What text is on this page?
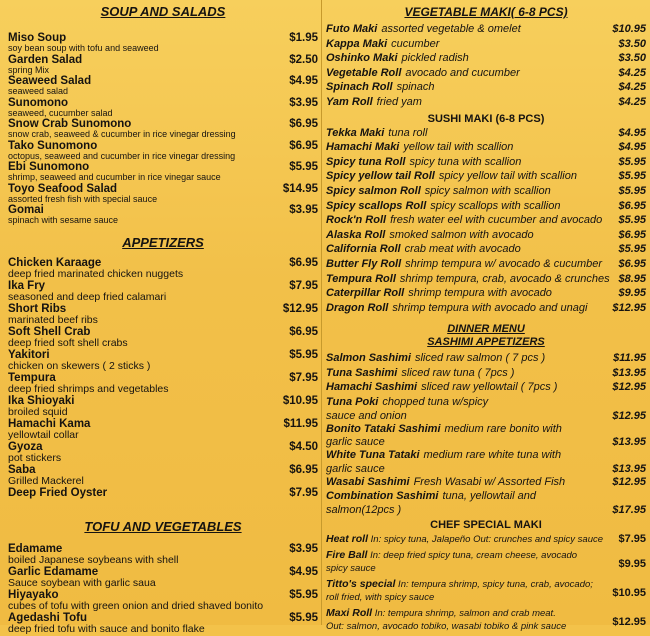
SOUP AND SALADS
Miso Soup
soy bean soup with tofu and seaweed
$1.95
Garden Salad
spring Mix
$2.50
Seaweed Salad
seaweed salad
$4.95
Sunomono
seaweed, cucumber salad
$3.95
Snow Crab Sunomono
snow crab, seaweed & cucumber in rice vinegar dressing
$6.95
Tako Sunomono
octopus, seaweed and cucumber in rice vinegar dressing
$6.95
Ebi Sunomono
shrimp, seaweed and cucumber in rice vinegar sauce
$5.95
Toyo Seafood Salad
assorted fresh fish with special sauce
$14.95
Gomai
spinach with sesame sauce
$3.95
APPETIZERS
Chicken Karaage
deep fried marinated chicken nuggets
$6.95
Ika Fry
seasoned and deep fried calamari
$7.95
Short Ribs
marinated beef ribs
$12.95
Soft Shell Crab
deep fried soft shell crabs
$6.95
Yakitori
chicken on skewers ( 2 sticks )
$5.95
Tempura
deep fried shrimps and vegetables
$7.95
Ika Shioyaki
broiled squid
$10.95
Hamachi Kama
yellowtail collar
$11.95
Gyoza
pot stickers
$4.50
Saba
Grilled Mackerel
$6.95
Deep Fried Oyster	$7.95
TOFU AND VEGETABLES
Edamame
boiled Japanese soybeans with shell
$3.95
Garlic Edamame
Sauce soybean with garlic saua
$4.95
Hiyayako
cubes of tofu with green onion and dried shaved bonito
$5.95
Agedashi Tofu
deep fried tofu with sauce and bonito flake
$5.95
VEGETABLE MAKI( 6-8 PCS)
Futo Maki assorted vegetable & omelet	$10.95
Kappa Maki cucumber	$3.50
Oshinko Maki pickled radish	$3.50
Vegetable Roll avocado and cucumber	$4.25
Spinach Roll spinach	$4.25
Yam Roll fried yam	$4.25
SUSHI MAKI (6-8 PCS)
Tekka Maki tuna roll	$4.95
Hamachi Maki yellow tail with scallion	$4.95
Spicy tuna Roll spicy tuna with scallion	$5.95
Spicy yellow tail Roll spicy yellow tail with scallion	$5.95
Spicy salmon Roll spicy salmon with scallion	$5.95
Spicy scallops Roll spicy scallops with scallion	$6.95
Rock'n Roll fresh water eel with cucumber and avocado $5.95
Alaska Roll smoked salmon with avocado	$6.95
California Roll crab meat with avocado	$5.95
Butter Fly Roll shrimp tempura w/ avocado & cucumber $6.95
Tempura Roll shrimp tempura, crab, avocado & crunches $8.95
Caterpillar Roll shrimp tempura with avocado	$9.95
Dragon Roll shrimp tempura with avocado and unagi $12.95
DINNER MENU
SASHIMI APPETIZERS
Salmon Sashimi sliced raw salmon ( 7 pcs )	$11.95
Tuna Sashimi sliced raw tuna ( 7pcs )	$13.95
Hamachi Sashimi sliced raw yellowtail ( 7pcs )	$12.95
Tuna Poki chopped tuna w/spicy
sauce and onion	$12.95
Bonito Tataki Sashimi medium rare bonito with
garlic sauce	$13.95
White Tuna Tataki medium rare white tuna with
garlic sauce	$13.95
Wasabi Sashimi Fresh Wasabi w/ Assorted Fish	$12.95
Combination Sashimi tuna, yellowtail and
salmon(12pcs )	$17.95
CHEF SPECIAL MAKI
Heat roll In: spicy tuna, Jalapeño Out: crunches and spicy sauce $7.95
Fire Ball In: deep fried spicy tuna, cream cheese, avocado
spicy sauce	$9.95
Titto's special In: tempura shrimp, spicy tuna, crab, avocado;
roll fried, with spicy sauce	$10.95
Maxi Roll In: tempura shrimp, salmon and crab meat.
Out: salmon, avocado tobiko, wasabi tobiko & pink sauce	$12.95
